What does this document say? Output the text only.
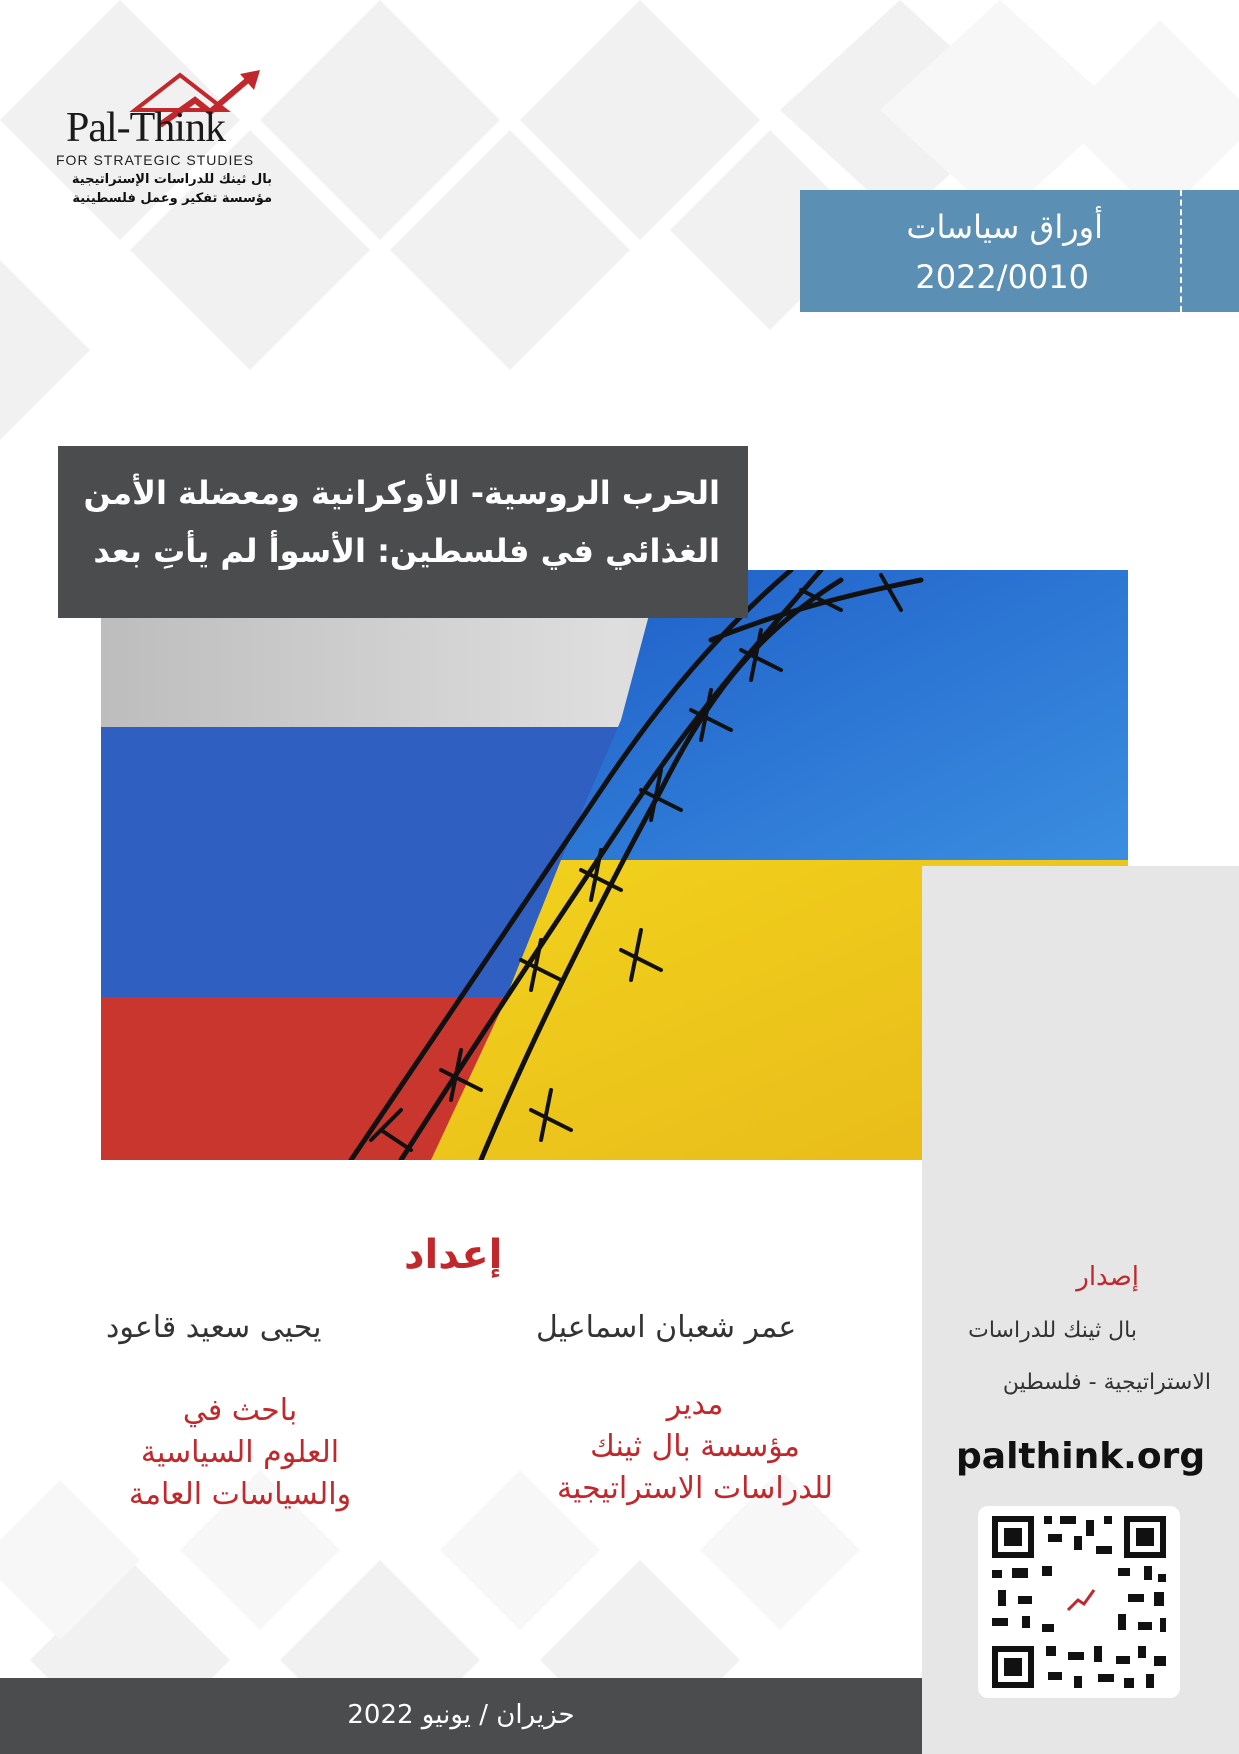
Pal-Think
FOR STRATEGIC STUDIES
بال ثينك للدراسات الإستراتيجية
مؤسسة تفكير وعمل فلسطينية
أوراق سياسات
2022/0010
الحرب الروسية- الأوكرانية ومعضلة الأمن
الغذائي في فلسطين: الأسوأ لم يأتِ بعد
إصدار
بال ثينك للدراسات
الاستراتيجية - فلسطين
palthink.org
إعداد
عمر شعبان اسماعيل
يحيى سعيد قاعود
مدير
مؤسسة بال ثينك
للدراسات الاستراتيجية
باحث في
العلوم السياسية
والسياسات العامة
حزيران / يونيو 2022
